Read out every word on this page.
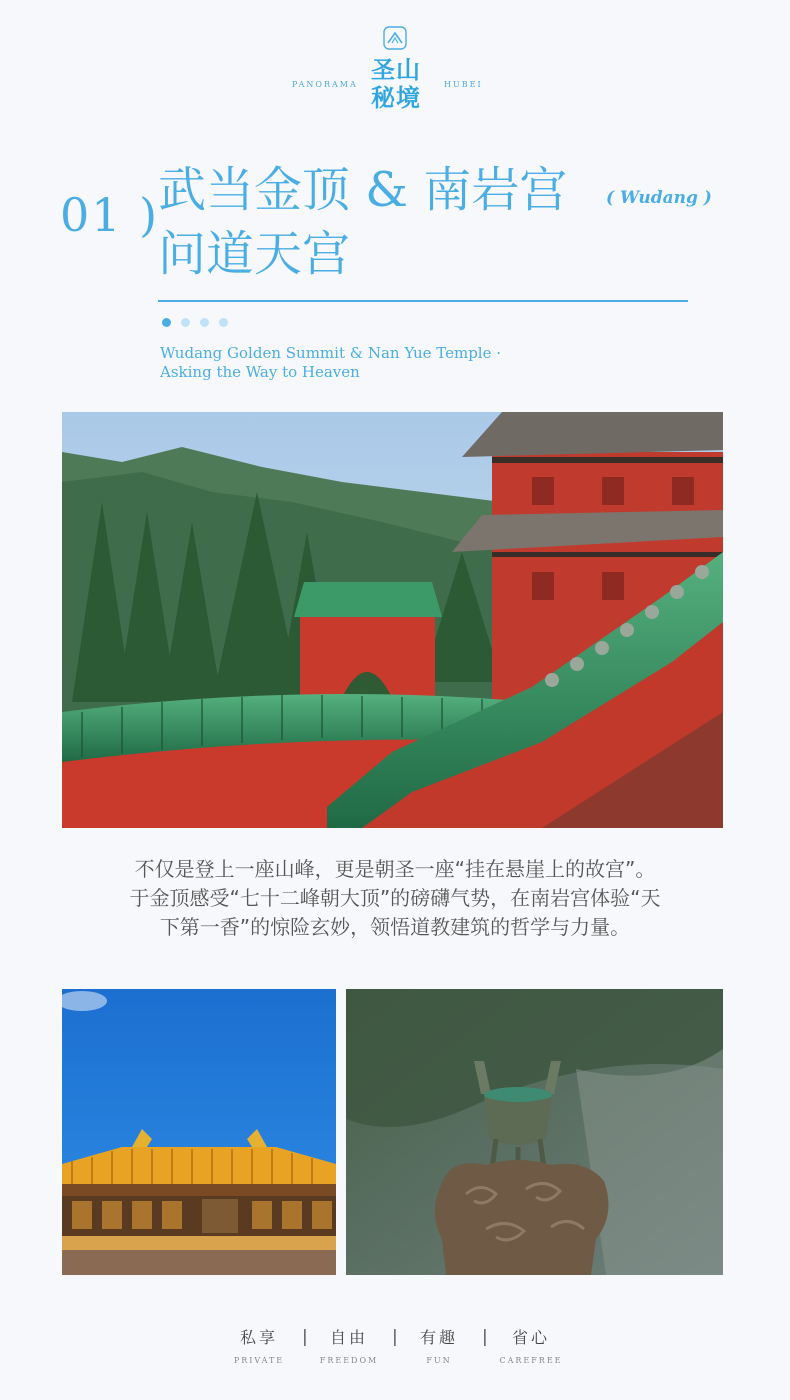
圣山
秘境
PANORAMA	HUBEI
01 )
武当金顶 & 南岩宫
问道天宫
( Wudang )
Wudang Golden Summit & Nan Yue Temple ·
Asking the Way to Heaven
不仅是登上一座山峰，更是朝圣一座“挂在悬崖上的故宫”。
于金顶感受“七十二峰朝大顶”的磅礴气势，在南岩宫体验“天
下第一香”的惊险玄妙，领悟道教建筑的哲学与力量。
私享
PRIVATE
|	自由
FREEDOM
|	有趣
FUN
|	省心
CAREFREE
